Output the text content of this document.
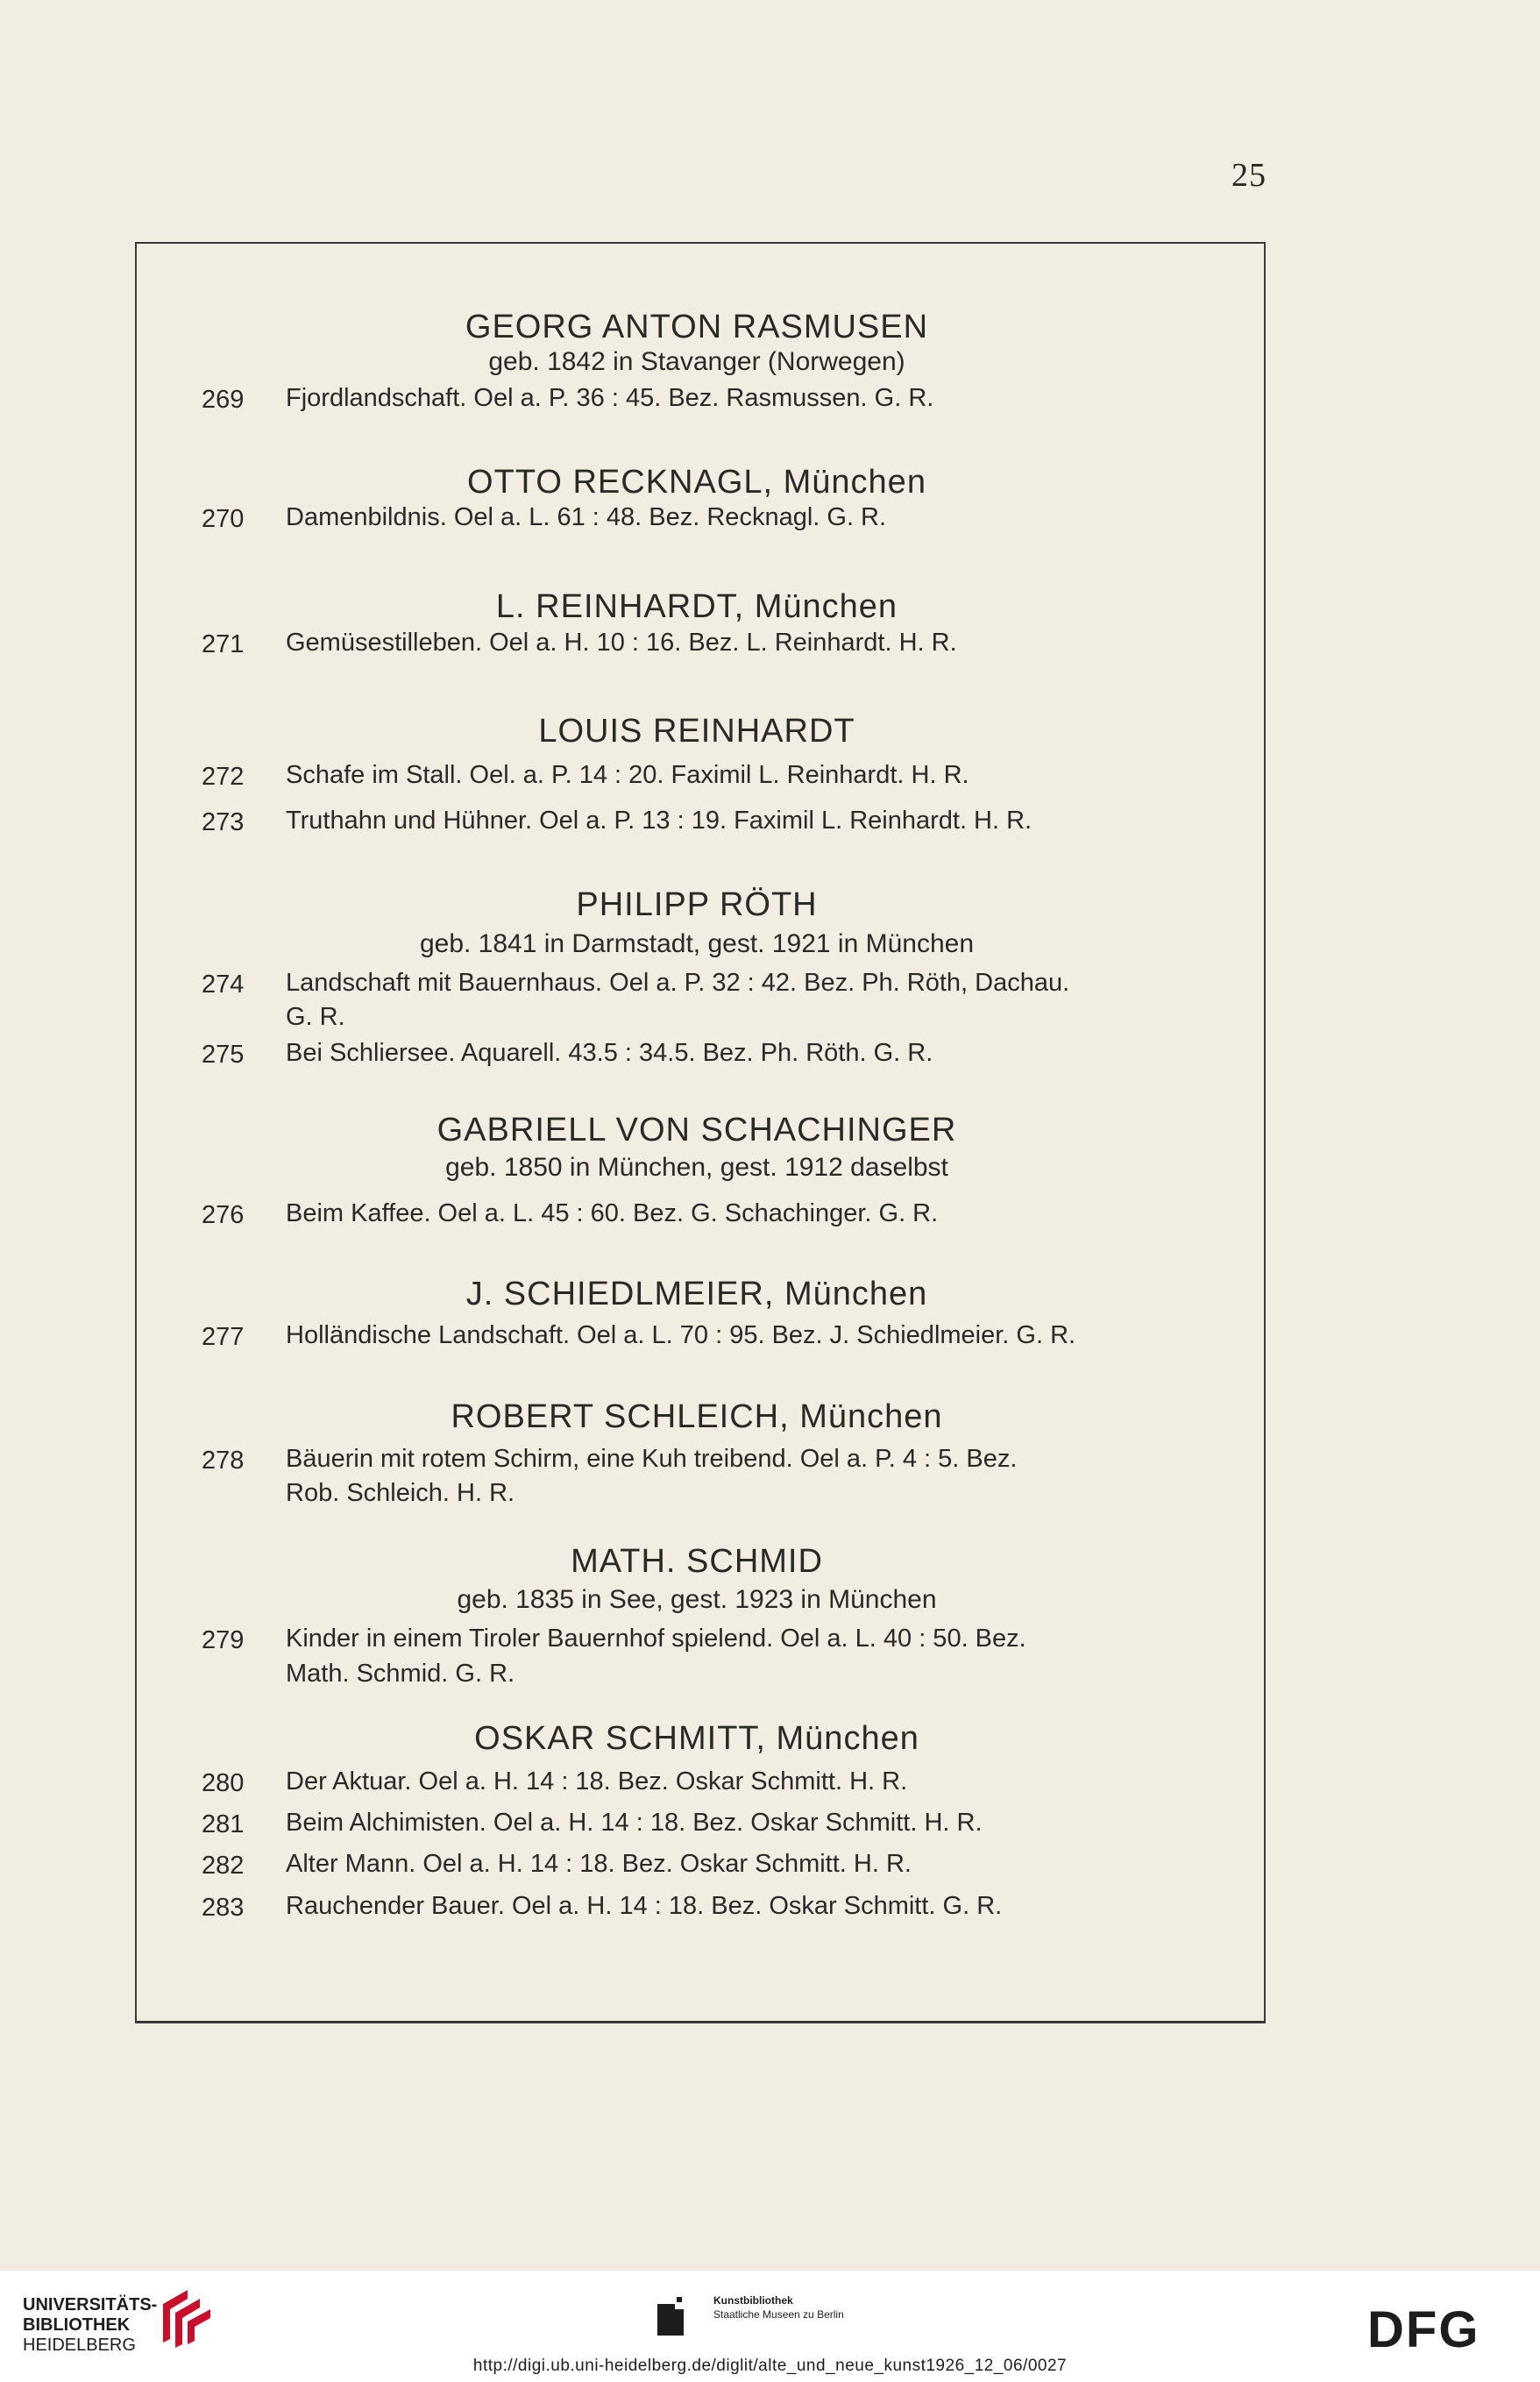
25
GEORG ANTON RASMUSEN
geb. 1842 in Stavanger (Norwegen)
269 Fjordlandschaft. Oel a. P. 36 : 45. Bez. Rasmussen. G. R.
OTTO RECKNAGL, München
270 Damenbildnis. Oel a. L. 61 : 48. Bez. Recknagl. G. R.
L. REINHARDT, München
271 Gemüsestilleben. Oel a. H. 10 : 16. Bez. L. Reinhardt. H. R.
LOUIS REINHARDT
272 Schafe im Stall. Oel. a. P. 14 : 20. Faximil L. Reinhardt. H. R.
273 Truthahn und Hühner. Oel a. P. 13 : 19. Faximil L. Reinhardt. H. R.
PHILIPP RÖTH
geb. 1841 in Darmstadt, gest. 1921 in München
274 Landschaft mit Bauernhaus. Oel a. P. 32 : 42. Bez. Ph. Röth, Dachau.
G. R.
275 Bei Schliersee. Aquarell. 43.5 : 34.5. Bez. Ph. Röth. G. R.
GABRIELL VON SCHACHINGER
geb. 1850 in München, gest. 1912 daselbst
276 Beim Kaffee. Oel a. L. 45 : 60. Bez. G. Schachinger. G. R.
J. SCHIEDLMEIER, München
277 Holländische Landschaft. Oel a. L. 70 : 95. Bez. J. Schiedlmeier. G. R.
ROBERT SCHLEICH, München
278 Bäuerin mit rotem Schirm, eine Kuh treibend. Oel a. P. 4 : 5. Bez.
Rob. Schleich. H. R.
MATH. SCHMID
geb. 1835 in See, gest. 1923 in München
279 Kinder in einem Tiroler Bauernhof spielend. Oel a. L. 40 : 50. Bez.
Math. Schmid. G. R.
OSKAR SCHMITT, München
280 Der Aktuar. Oel a. H. 14 : 18. Bez. Oskar Schmitt. H. R.
281 Beim Alchimisten. Oel a. H. 14 : 18. Bez. Oskar Schmitt. H. R.
282 Alter Mann. Oel a. H. 14 : 18. Bez. Oskar Schmitt. H. R.
283 Rauchender Bauer. Oel a. H. 14 : 18. Bez. Oskar Schmitt. G. R.
UNIVERSITÄTS-
BIBLIOTHEK
HEIDELBERG
Kunstbibliothek
Staatliche Museen zu Berlin	DFG
http://digi.ub.uni-heidelberg.de/diglit/alte_und_neue_kunst1926_12_06/0027
